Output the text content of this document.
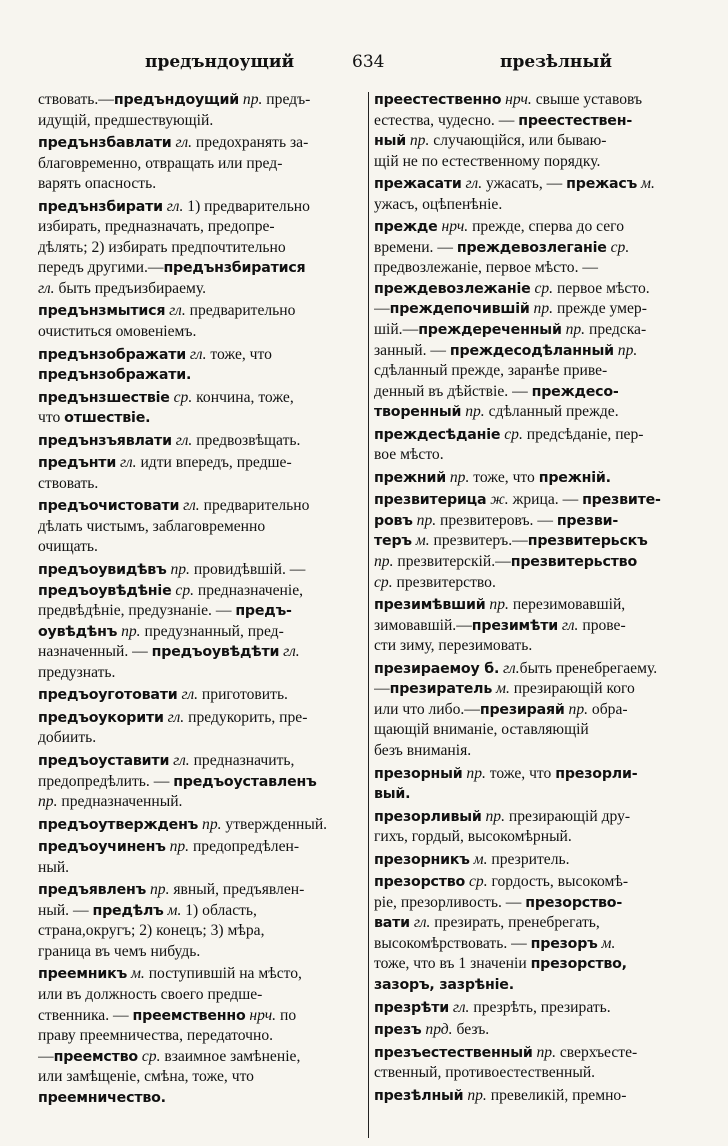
предъндоущий	634	презѣлный
ствовать.—предъндоущий пр. предъ-
идущій, предшествующій.
предънзбавлати гл. предохранять за-
благовременно, отвращать или пред-
варять опасность.
предънзбирати гл. 1) предварительно
избирать, предназначать, предопре-
дѣлять; 2) избирать предпочтительно
передъ другими.—предънзбиратися
гл. быть предъизбираему.
предънзмытися гл. предварительно
очиститься омовеніемъ.
предънзображати гл. тоже, что
предънзображати.
предънзшествіе ср. кончина, тоже,
что отшествіе.
предънзъявлати гл. предвозвѣщать.
предънти гл. идти впередъ, предше-
ствовать.
предъочистовати гл. предварительно
дѣлать чистымъ, заблаговременно
очищать.
предъоувидѣвъ пр. провидѣвшій. —
предъоувѣдѣніе ср. предназначеніе,
предвѣдѣніе, предузнаніе. — предъ-
оувѣдѣнъ пр. предузнанный, пред-
назначенный. — предъоувѣдѣти гл.
предузнать.
предъоуготовати гл. приготовить.
предъоукорити гл. предукорить, пре-
добиить.
предъоуставити гл. предназначить,
предопредѣлить. — предъоуставленъ
пр. предназначенный.
предъоутвержденъ пр. утвержденный.
предъоучиненъ пр. предопредѣлен-
ный.
предъявленъ пр. явный, предъявлен-
ный. — предѣлъ м. 1) область,
страна,округъ; 2) конецъ; 3) мѣра,
граница въ чемъ нибудь.
преемникъ м. поступившій на мѣсто,
или въ должность своего предше-
ственника. — преемственно нрч. по
праву преемничества, передаточно.
—преемство ср. взаимное замѣненіе,
или замѣщеніе, смѣна, тоже, что
преемничество.
преестественно нрч. свыше уставовъ
естества, чудесно. — преестествен-
ный пр. случающійся, или бываю-
щій не по естественному порядку.
прежасати гл. ужасать, — прежасъ м.
ужасъ, оцѣпенѣніе.
прежде нрч. прежде, сперва до сего
времени. — преждевозлеганіе ср.
предвозлежаніе, первое мѣсто. —
преждевозлежаніе ср. первое мѣсто.
—преждепочившій пр. прежде умер-
шій.—преждереченный пр. предска-
занный. — преждесодѣланный пр.
сдѣланный прежде, заранѣе приве-
денный въ дѣйствіе. — преждесо-
творенный пр. сдѣланный прежде.
преждесѣданіе ср. предсѣданіе, пер-
вое мѣсто.
прежний пр. тоже, что прежній.
презвитерица ж. жрица. — презвите-
ровъ пр. презвитеровъ. — презви-
теръ м. презвитеръ.—презвитерьскъ
пр. презвитерскій.—презвитерьство
ср. презвитерство.
презимѣвший пр. перезимовавшій,
зимовавшій.—презимѣти гл. прове-
сти зиму, перезимовать.
презираемоу б. гл.быть пренебрегаему.
—презиратель м. презирающій кого
или что либо.—презираяй пр. обра-
щающій вниманіе, оставляющій
безъ вниманія.
презорный пр. тоже, что презорли-
вый.
презорливый пр. презирающій дру-
гихъ, гордый, высокомѣрный.
презорникъ м. презритель.
презорство ср. гордость, высокомѣ-
ріе, презорливость. — презорство-
вати гл. презирать, пренебрегать,
высокомѣрствовать. — презоръ м.
тоже, что въ 1 значеніи презорство,
зазоръ, зазрѣніе.
презрѣти гл. презрѣть, презирать.
презъ прд. безъ.
презъестественный пр. сверхъесте-
ственный, противоестественный.
презѣлный пр. превеликій, премно-
